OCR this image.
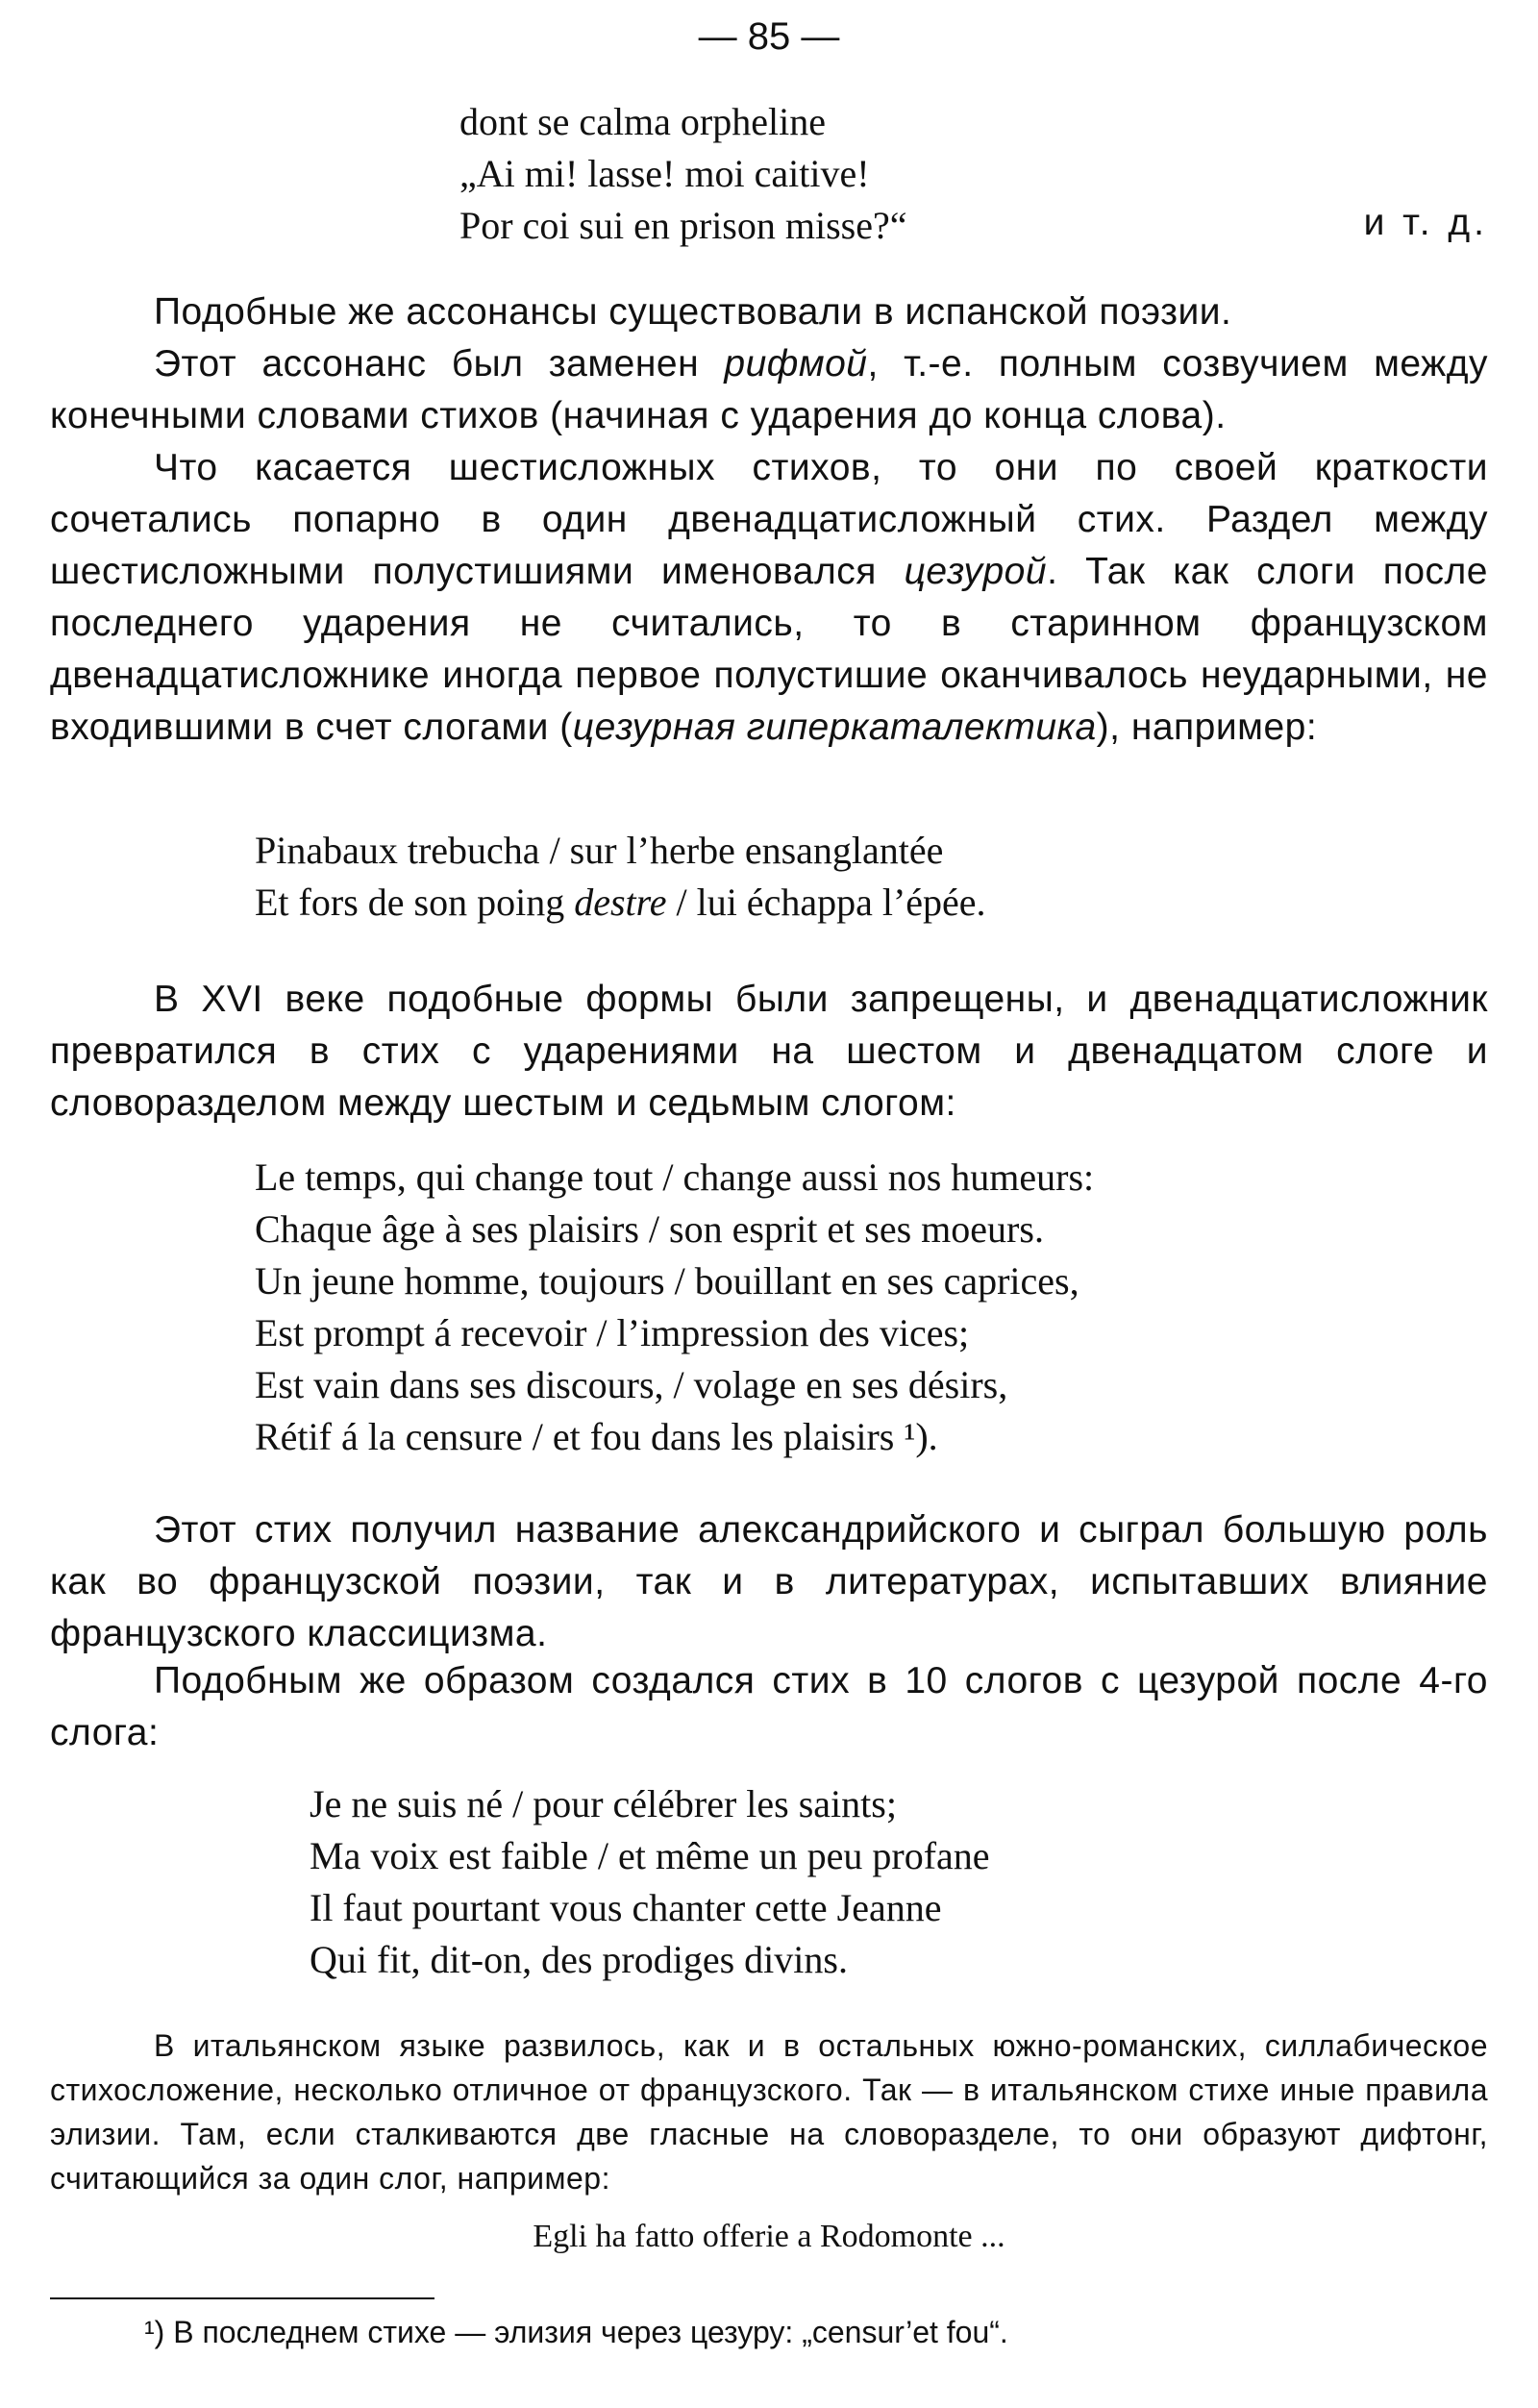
— 85 —
dont se calma orpheline
„Ai mi! lasse! moi caitive!
Por coi sui en prison misse?“	и т. д.
Подобные же ассонансы существовали в испанской поэзии.
Этот ассонанс был заменен рифмой, т.-е. полным созвучием между конечными словами стихов (начиная с ударения до конца слова).
Что касается шестисложных стихов, то они по своей краткости сочетались попарно в один двенадцатисложный стих. Раздел между шестисложными полустишиями именовался цезурой. Так как слоги после последнего ударения не считались, то в старинном французском двенадцатисложнике иногда первое полустишие оканчивалось неударными, не входившими в счет слогами (цезурная гиперкаталектика), например:
Pinabaux trebucha / sur l’herbe ensanglantée
Et fors de son poing destre / lui échappa l’épée.
В XVI веке подобные формы были запрещены, и двенадцатисложник превратился в стих с ударениями на шестом и двенадцатом слоге и словоразделом между шестым и седьмым слогом:
Le temps, qui change tout / change aussi nos humeurs:
Chaque âge à ses plaisirs / son esprit et ses moeurs.
Un jeune homme, toujours / bouillant en ses caprices,
Est prompt á recevoir / l’impression des vices;
Est vain dans ses discours, / volage en ses désirs,
Rétif á la censure / et fou dans les plaisirs ¹).
Этот стих получил название александрийского и сыграл большую роль как во французской поэзии, так и в литературах, испытавших влияние французского классицизма.
Подобным же образом создался стих в 10 слогов с цезурой после 4-го слога:
Je ne suis né / pour célébrer les saints;
Ma voix est faible / et même un peu profane
Il faut pourtant vous chanter cette Jeanne
Qui fit, dit-on, des prodiges divins.
В итальянском языке развилось, как и в остальных южно-романских, силлабическое стихосложение, несколько отличное от французского. Так — в итальянском стихе иные правила элизии. Там, если сталкиваются две гласные на словоразделе, то они образуют дифтонг, считающийся за один слог, например:
Egli ha fatto offerie a Rodomonte ...
¹) В последнем стихе — элизия через цезуру: „censur’et fou“.
